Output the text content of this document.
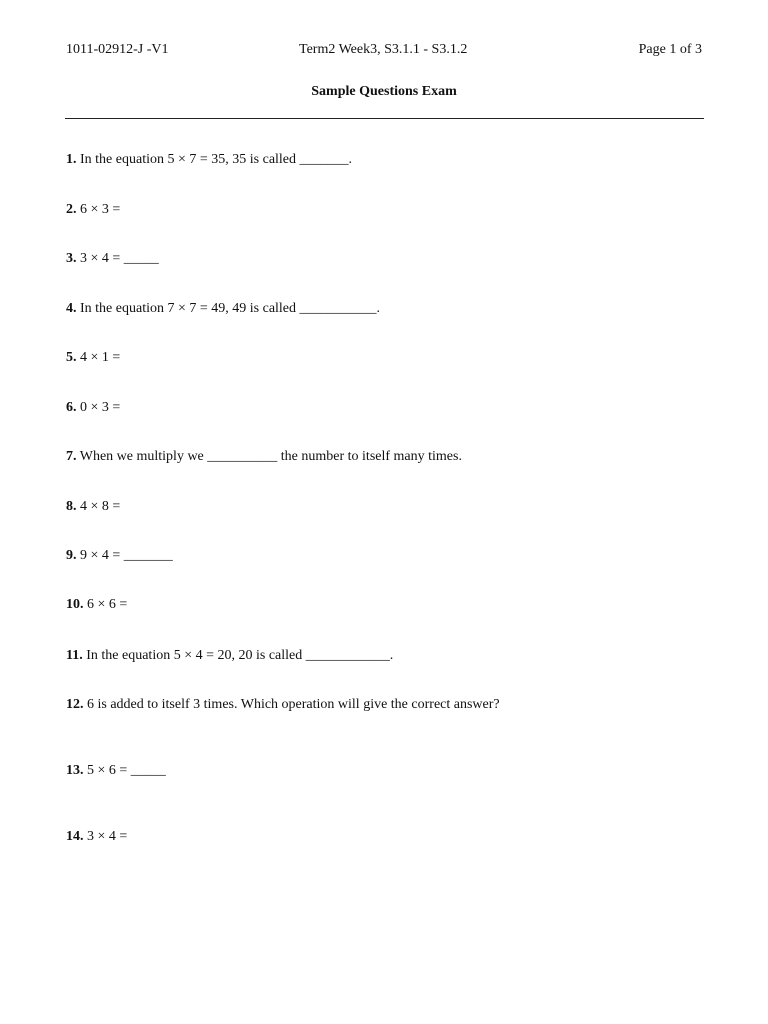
1011-02912-J -V1	Term2 Week3, S3.1.1 - S3.1.2	Page 1 of 3
Sample Questions Exam
1. In the equation 5 × 7 = 35, 35 is called _______.
2. 6 × 3 =
3. 3 × 4 = _____
4. In the equation 7 × 7 = 49, 49 is called ___________.
5. 4 × 1 =
6. 0 × 3 =
7. When we multiply we __________ the number to itself many times.
8. 4 × 8 =
9. 9 × 4 = _______
10. 6 × 6 =
11. In the equation 5 × 4 = 20, 20 is called ____________.
12. 6 is added to itself 3 times. Which operation will give the correct answer?
13. 5 × 6 = _____
14. 3 × 4 =
